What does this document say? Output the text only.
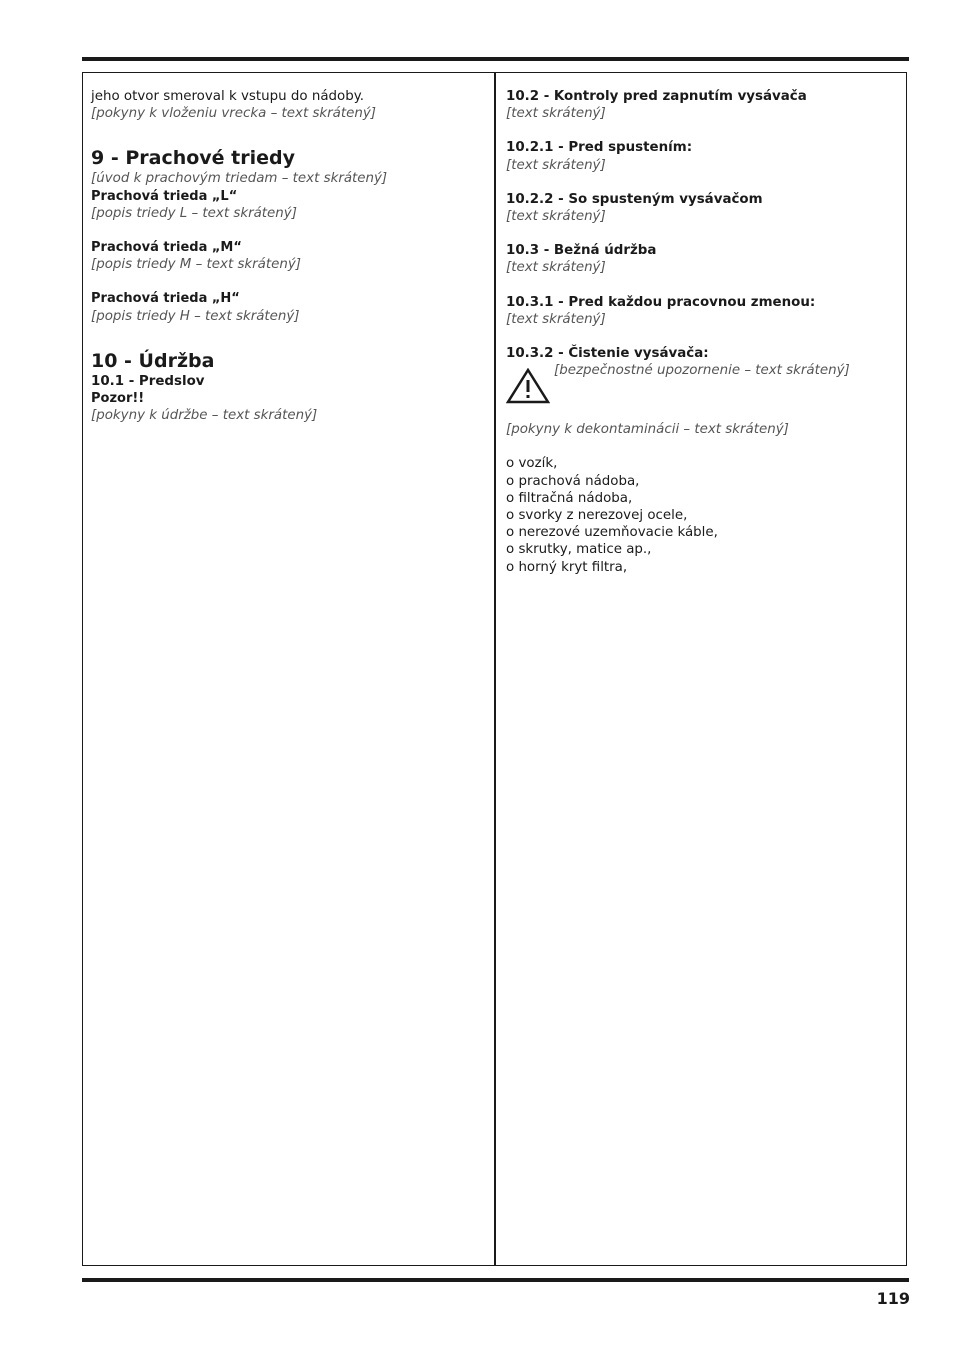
jeho otvor smeroval k vstupu do nádoby.

[pokyny k vloženiu vrecka – text skrátený]

9 - Prachové triedy

[úvod k prachovým triedam – text skrátený]

Prachová trieda „L“

[popis triedy L – text skrátený]

Prachová trieda „M“

[popis triedy M – text skrátený]

Prachová trieda „H“

[popis triedy H – text skrátený]

10 - Údržba

10.1 - Predslov

Pozor!!

[pokyny k údržbe – text skrátený]

10.2 - Kontroly pred zapnutím vysávača

[text skrátený]

10.2.1 - Pred spustením:

[text skrátený]

10.2.2 - So spusteným vysávačom

[text skrátený]

10.3 - Bežná údržba

[text skrátený]

10.3.1 - Pred každou pracovnou zmenou:

[text skrátený]

10.3.2 - Čistenie vysávača:

[bezpečnostné upozornenie – text skrátený]

[pokyny k dekontaminácii – text skrátený]

o vozík,

o prachová nádoba,

o filtračná nádoba,

o svorky z nerezovej ocele,

o nerezové uzemňovacie káble,

o skrutky, matice ap.,

o horný kryt filtra,

119
